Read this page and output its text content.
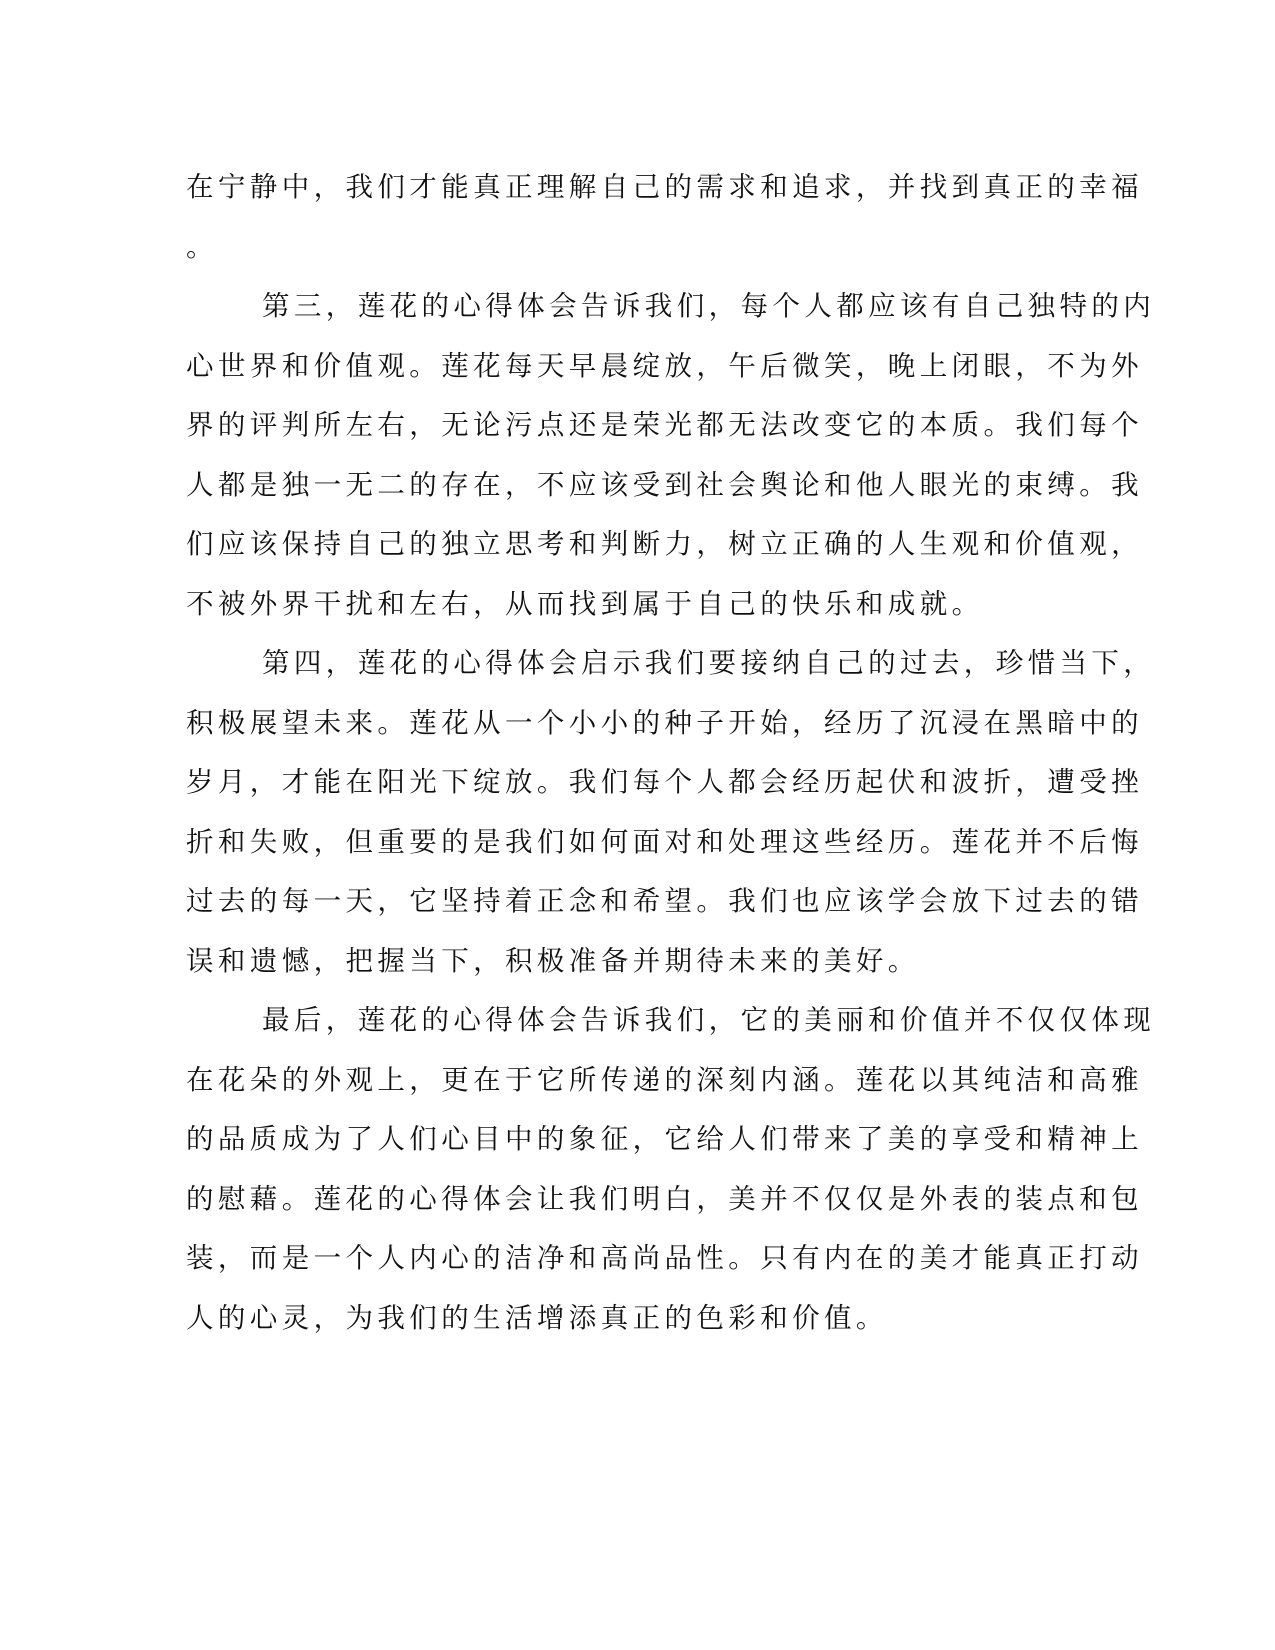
在宁静中，我们才能真正理解自己的需求和追求，并找到真正的幸福
。
第三，莲花的心得体会告诉我们，每个人都应该有自己独特的内
心世界和价值观。莲花每天早晨绽放，午后微笑，晚上闭眼，不为外
界的评判所左右，无论污点还是荣光都无法改变它的本质。我们每个
人都是独一无二的存在，不应该受到社会舆论和他人眼光的束缚。我
们应该保持自己的独立思考和判断力，树立正确的人生观和价值观，
不被外界干扰和左右，从而找到属于自己的快乐和成就。
第四，莲花的心得体会启示我们要接纳自己的过去，珍惜当下，
积极展望未来。莲花从一个小小的种子开始，经历了沉浸在黑暗中的
岁月，才能在阳光下绽放。我们每个人都会经历起伏和波折，遭受挫
折和失败，但重要的是我们如何面对和处理这些经历。莲花并不后悔
过去的每一天，它坚持着正念和希望。我们也应该学会放下过去的错
误和遗憾，把握当下，积极准备并期待未来的美好。
最后，莲花的心得体会告诉我们，它的美丽和价值并不仅仅体现
在花朵的外观上，更在于它所传递的深刻内涵。莲花以其纯洁和高雅
的品质成为了人们心目中的象征，它给人们带来了美的享受和精神上
的慰藉。莲花的心得体会让我们明白，美并不仅仅是外表的装点和包
装，而是一个人内心的洁净和高尚品性。只有内在的美才能真正打动
人的心灵，为我们的生活增添真正的色彩和价值。
